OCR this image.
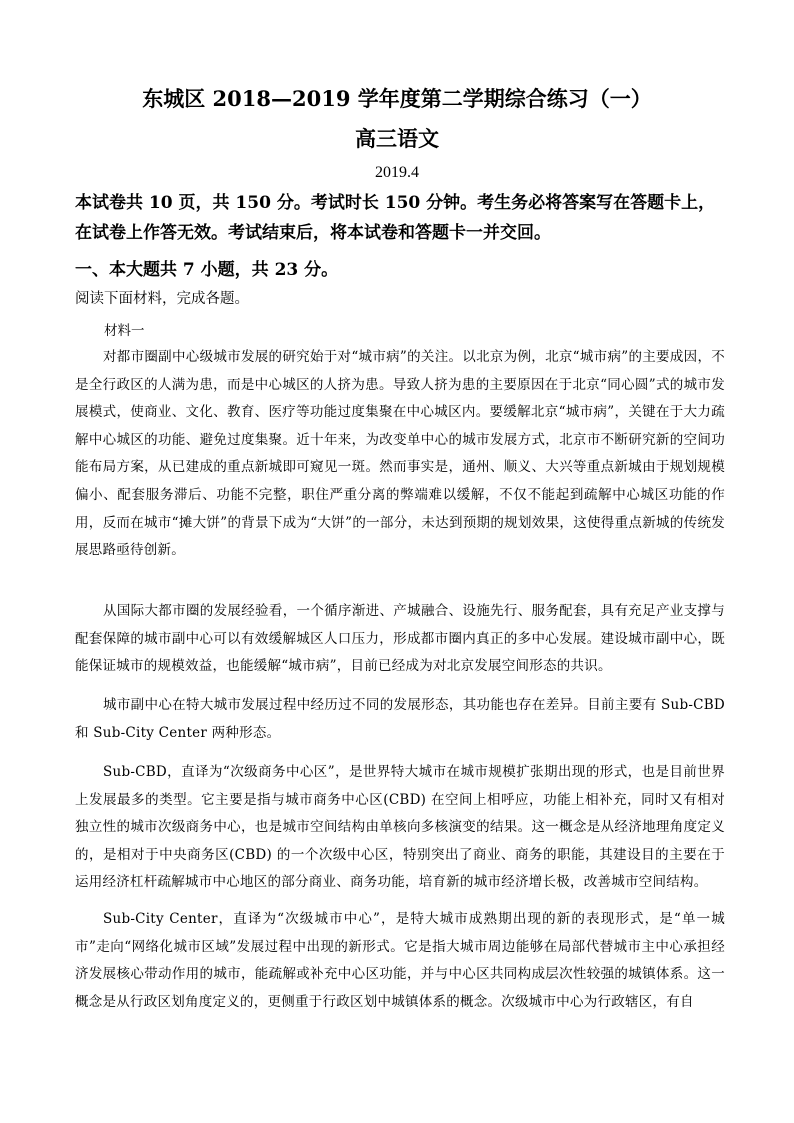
东城区 2018—2019 学年度第二学期综合练习（一）
高三语文
2019.4
本试卷共 10 页，共 150 分。考试时长 150 分钟。考生务必将答案写在答题卡上，在试卷上作答无效。考试结束后，将本试卷和答题卡一并交回。
一、本大题共 7 小题，共 23 分。
阅读下面材料，完成各题。
材料一

对都市圈副中心级城市发展的研究始于对“城市病”的关注。以北京为例，北京“城市病”的主要成因，不是全行政区的人满为患，而是中心城区的人挤为患。导致人挤为患的主要原因在于北京“同心圆”式的城市发展模式，使商业、文化、教育、医疗等功能过度集聚在中心城区内。要缓解北京“城市病”，关键在于大力疏解中心城区的功能、避免过度集聚。近十年来，为改变单中心的城市发展方式，北京市不断研究新的空间功能布局方案，从已建成的重点新城即可窥见一斑。然而事实是，通州、顺义、大兴等重点新城由于规划规模偏小、配套服务滞后、功能不完整，职住严重分离的弊端难以缓解，不仅不能起到疏解中心城区功能的作用，反而在城市“摊大饼”的背景下成为“大饼”的一部分，未达到预期的规划效果，这使得重点新城的传统发展思路亟待创新。

从国际大都市圈的发展经验看，一个循序渐进、产城融合、设施先行、服务配套，具有充足产业支撑与配套保障的城市副中心可以有效缓解城区人口压力，形成都市圈内真正的多中心发展。建设城市副中心，既能保证城市的规模效益，也能缓解“城市病”，目前已经成为对北京发展空间形态的共识。

城市副中心在特大城市发展过程中经历过不同的发展形态，其功能也存在差异。目前主要有 Sub-CBD 和 Sub-City Center 两种形态。

Sub-CBD，直译为“次级商务中心区”，是世界特大城市在城市规模扩张期出现的形式，也是目前世界上发展最多的类型。它主要是指与城市商务中心区(CBD) 在空间上相呼应，功能上相补充，同时又有相对独立性的城市次级商务中心，也是城市空间结构由单核向多核演变的结果。这一概念是从经济地理角度定义的，是相对于中央商务区(CBD) 的一个次级中心区，特别突出了商业、商务的职能，其建设目的主要在于运用经济杠杆疏解城市中心地区的部分商业、商务功能，培育新的城市经济增长极，改善城市空间结构。

Sub-City Center，直译为“次级城市中心”，是特大城市成熟期出现的新的表现形式，是“单一城市”走向“网络化城市区域”发展过程中出现的新形式。它是指大城市周边能够在局部代替城市主中心承担经济发展核心带动作用的城市，能疏解或补充中心区功能，并与中心区共同构成层次性较强的城镇体系。这一概念是从行政区划角度定义的，更侧重于行政区划中城镇体系的概念。次级城市中心为行政辖区，有自
